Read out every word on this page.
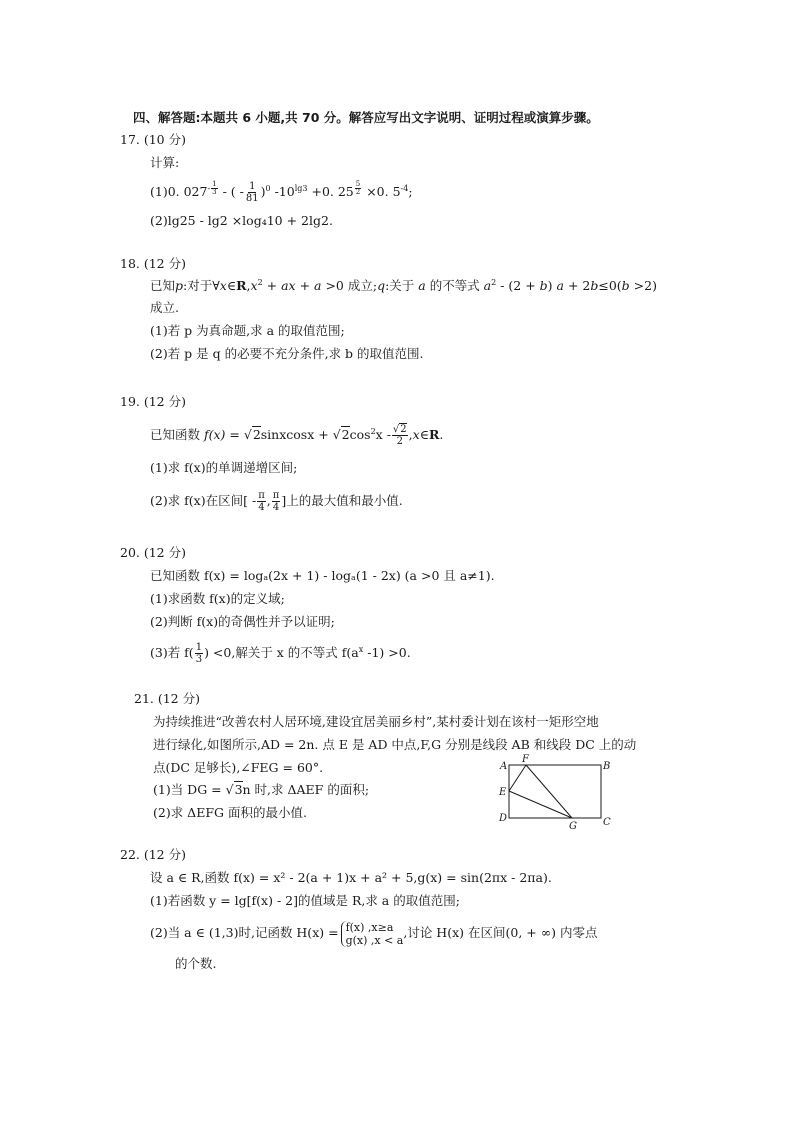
四、解答题:本题共 6 小题,共 70 分。解答应写出文字说明、证明过程或演算步骤。
17. (10 分)
计算:
(1)0. $027^{- \frac{1}{3}}$ - ( - $\frac{1}{81} )^0$ $-10^{lg3} +0$. 25 $^{\frac{5}{2}}$ ×0. $5^{-4}$;
(2)lg25 - lg2 ×log₄10 + 2lg2.
18. (12 分)
已知p:对于$\forall x\in R,x^2$ + ax + a >0 成立;q:关于 a 的不等式 $a^2 - (2 + b) a + 2b\le 0(b >2)$
成立.
(1)若 p 为真命题,求 a 的取值范围;
(2)若 p 是 q 的必要不充分条件,求 b 的取值范围.
19. (12 分)
已知函数 f(x) = √2sinxcosx + $√2\cos^2x - \frac{√2}{2}$ ,x∈R.
(1)求 f(x)的单调递增区间;
(2)求 f(x)在区间[ - $\frac{\pi}{4}$ , $\frac{\pi}{4}$ ]上的最大值和最小值.
20. (12 分)
已知函数 f(x) = logₐ(2x + 1) - logₐ(1 - 2x) (a >0 且 a≠1).
(1)求函数 f(x)的定义域;
(2)判断 f(x)的奇偶性并予以证明;
(3)若 $f( \frac{1}{3}$ ) <0,解关于 x 的不等式 $f(a^x$ -1) >0.
21. (12 分)
为持续推进“改善农村人居环境,建设宜居美丽乡村”,某村委计划在该村一矩形空地
进行绿化,如图所示,AD = 2n. 点 E 是 AD 中点,F,G 分别是线段 AB 和线段 DC 上的动
点(DC 足够长),∠FEG = 60°.
(1)当 DG = √3n 时,求 ΔAEF 的面积;
(2)求 ΔEFG 面积的最小值.
A
F
B
E
D
G	C
22. (12 分)
设 a ∈ R,函数 f(x) = x² - 2(a + 1)x + a² + 5,g(x) = sin(2πx - 2πa).
(1)若函数 y = lg[f(x) - 2]的值域是 R,求 a 的取值范围;
(2)当 a ∈ (1,3)时,记函数 H(x) = f(x) ,x≥a
g(x) ,x < a ,讨论 H(x) 在区间(0, + ∞) 内零点
的个数.
